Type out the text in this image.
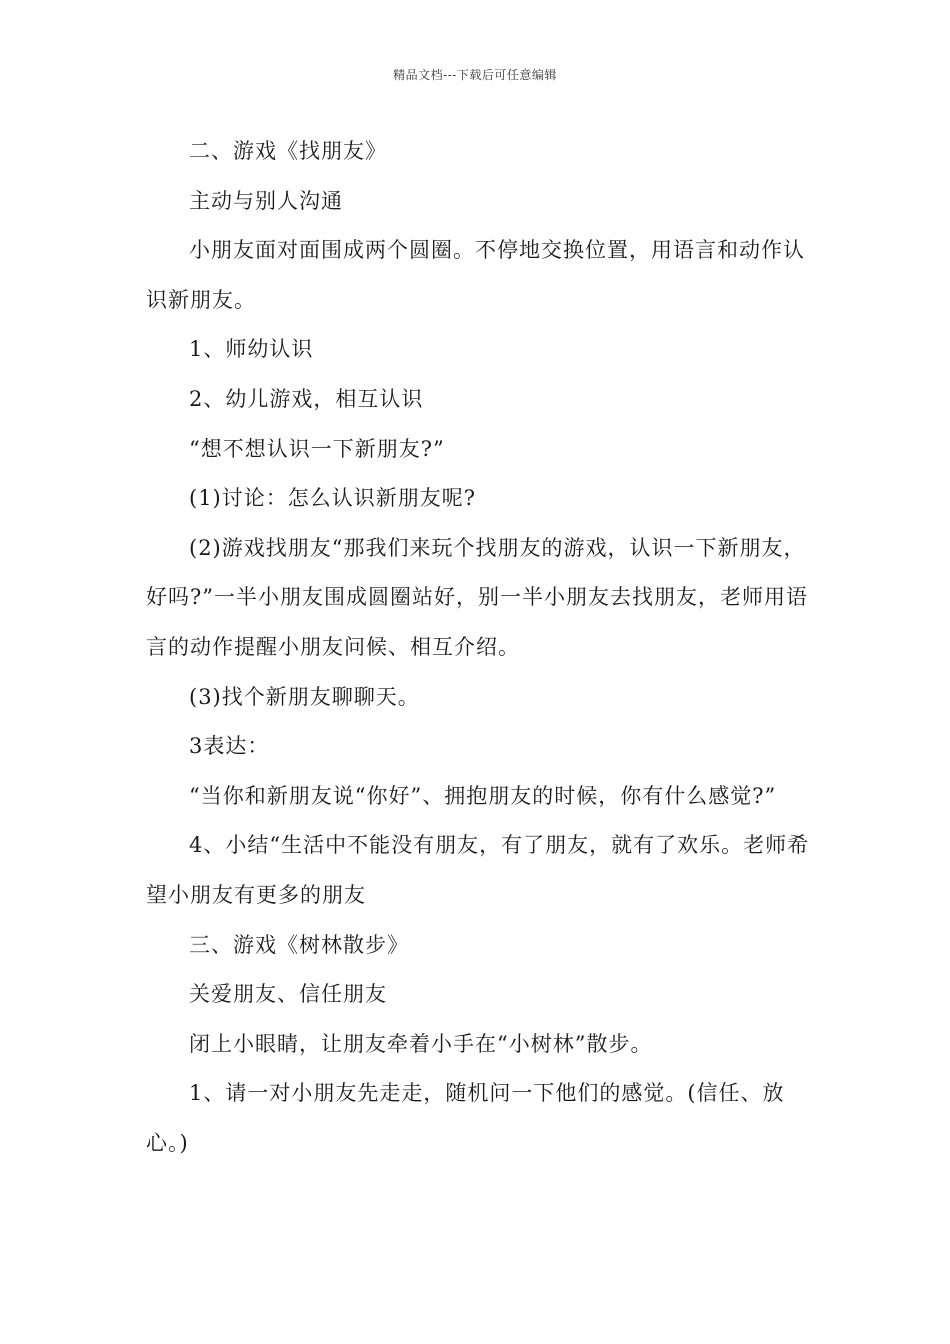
精品文档---下载后可任意编辑

二、游戏《找朋友》

主动与别人沟通

小朋友面对面围成两个圆圈。不停地交换位置，用语言和动作认识新朋友。

1、师幼认识

2、幼儿游戏，相互认识

“想不想认识一下新朋友?”

(1)讨论：怎么认识新朋友呢?

(2)游戏找朋友“那我们来玩个找朋友的游戏，认识一下新朋友，好吗?”一半小朋友围成圆圈站好，别一半小朋友去找朋友，老师用语言的动作提醒小朋友问候、相互介绍。

(3)找个新朋友聊聊天。

3表达：

“当你和新朋友说“你好”、拥抱朋友的时候，你有什么感觉?”

4、小结“生活中不能没有朋友，有了朋友，就有了欢乐。老师希望小朋友有更多的朋友

三、游戏《树林散步》

关爱朋友、信任朋友

闭上小眼睛，让朋友牵着小手在“小树林”散步。

1、请一对小朋友先走走，随机问一下他们的感觉。(信任、放心。)
